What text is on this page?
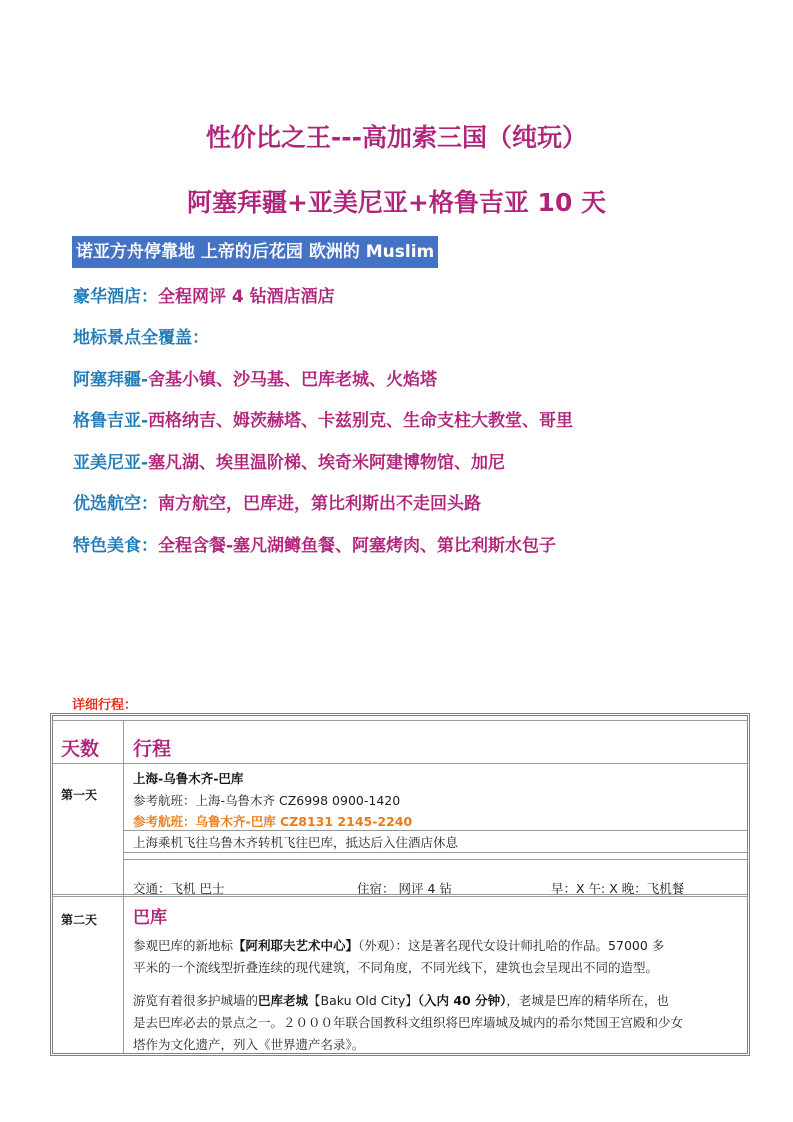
性价比之王---高加索三国（纯玩）
阿塞拜疆+亚美尼亚+格鲁吉亚 10 天
诺亚方舟停靠地 上帝的后花园 欧洲的 Muslim
豪华酒店：全程网评 4 钻酒店酒店
地标景点全覆盖：
阿塞拜疆-舍基小镇、沙马基、巴库老城、火焰塔
格鲁吉亚-西格纳吉、姆茨赫塔、卡兹别克、生命支柱大教堂、哥里
亚美尼亚-塞凡湖、埃里温阶梯、埃奇米阿建博物馆、加尼
优选航空：南方航空，巴库进，第比利斯出不走回头路
特色美食：全程含餐-塞凡湖鳟鱼餐、阿塞烤肉、第比利斯水包子
详细行程：
天数 行程
第一天
上海-乌鲁木齐-巴库
参考航班：上海-乌鲁木齐 CZ6998 0900-1420
参考航班：乌鲁木齐-巴库 CZ8131 2145-2240
上海乘机飞往乌鲁木齐转机飞往巴库，抵达后入住酒店休息
交通：飞机 巴士	住宿： 网评 4 钻	早：X 午: X 晚：飞机餐
第二天 巴库
参观巴库的新地标【阿利耶夫艺术中心】（外观）：这是著名现代女设计师扎哈的作品。57000 多
平米的一个流线型折叠连续的现代建筑，不同角度，不同光线下，建筑也会呈现出不同的造型。
游览有着很多护城墙的巴库老城【Baku Old City】（入内 40 分钟），老城是巴库的精华所在，也
是去巴库必去的景点之一。２０００年联合国教科文组织将巴库墙城及城内的希尔梵国王宫殿和少女
塔作为文化遗产，列入《世界遗产名录》。
